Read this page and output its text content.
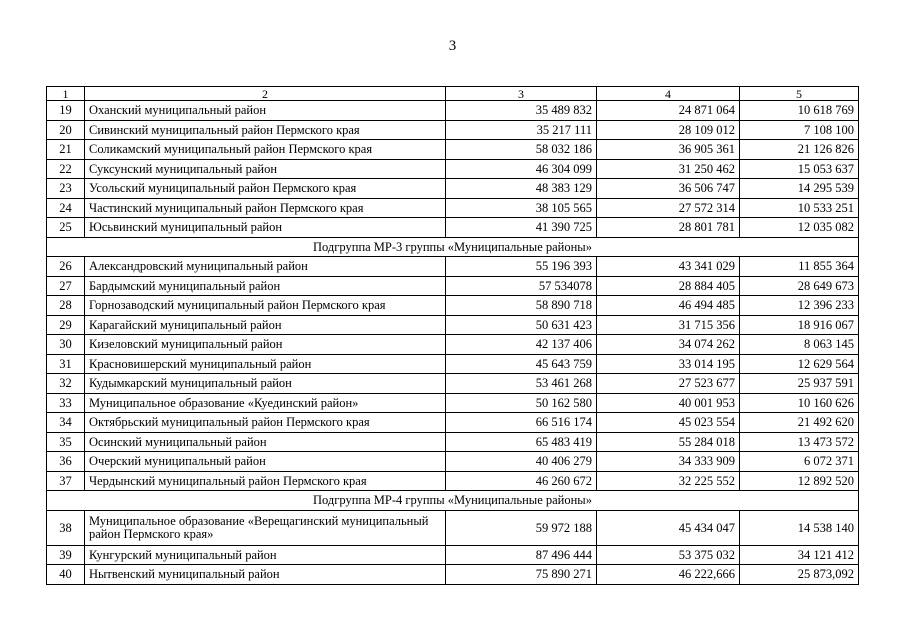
3
1	2	3	4	5
19	Оханский муниципальный район	35 489 832	24 871 064	10 618 769
20	Сивинский муниципальный район Пермского края	35 217 111	28 109 012	7 108 100
21	Соликамский муниципальный район Пермского края	58 032 186	36 905 361	21 126 826
22	Суксунский муниципальный район	46 304 099	31 250 462	15 053 637
23	Усольский муниципальный район Пермского края	48 383 129	36 506 747	14 295 539
24	Частинский муниципальный район Пермского края	38 105 565	27 572 314	10 533 251
25	Юсьвинский муниципальный район	41 390 725	28 801 781	12 035 082
Подгруппа МР-3 группы «Муниципальные районы»				
26	Александровский муниципальный район	55 196 393	43 341 029	11 855 364
27	Бардымский муниципальный район	57 534078	28 884 405	28 649 673
28	Горнозаводский муниципальный район Пермского края	58 890 718	46 494 485	12 396 233
29	Карагайский муниципальный район	50 631 423	31 715 356	18 916 067
30	Кизеловский муниципальный район	42 137 406	34 074 262	8 063 145
31	Красновишерский муниципальный район	45 643 759	33 014 195	12 629 564
32	Кудымкарский муниципальный район	53 461 268	27 523 677	25 937 591
33	Муниципальное образование «Куединский район»	50 162 580	40 001 953	10 160 626
34	Октябрьский муниципальный район Пермского края	66 516 174	45 023 554	21 492 620
35	Осинский муниципальный район	65 483 419	55 284 018	13 473 572
36	Очерский муниципальный район	40 406 279	34 333 909	6 072 371
37	Чердынский муниципальный район Пермского края	46 260 672	32 225 552	12 892 520
Подгруппа МР-4 группы «Муниципальные районы»				
38	Муниципальное образование «Верещагинский муниципальный район Пермского края»	59 972 188	45 434 047	14 538 140
39	Кунгурский муниципальный район	87 496 444	53 375 032	34 121 412
40	Нытвенский муниципальный район	75 890 271	46 222,666	25 873,092
